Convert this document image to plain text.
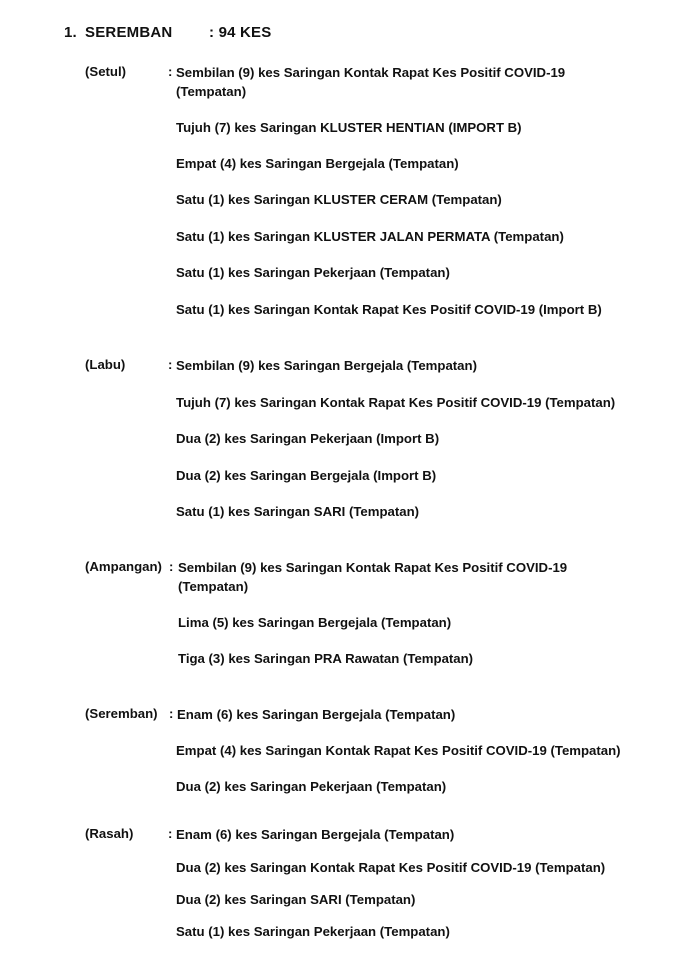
1. SEREMBAN : 94 KES
(Setul)	: Sembilan (9) kes Saringan Kontak Rapat Kes Positif COVID-19 (Tempatan)
Tujuh (7) kes Saringan KLUSTER HENTIAN (IMPORT B)
Empat (4) kes Saringan Bergejala (Tempatan)
Satu (1) kes Saringan KLUSTER CERAM (Tempatan)
Satu (1) kes Saringan KLUSTER JALAN PERMATA (Tempatan)
Satu (1) kes Saringan Pekerjaan (Tempatan)
Satu (1) kes Saringan Kontak Rapat Kes Positif COVID-19 (Import B)
(Labu)	: Sembilan (9) kes Saringan Bergejala (Tempatan)
Tujuh (7) kes Saringan Kontak Rapat Kes Positif COVID-19 (Tempatan)
Dua (2) kes Saringan Pekerjaan (Import B)
Dua (2) kes Saringan Bergejala (Import B)
Satu (1) kes Saringan SARI (Tempatan)
(Ampangan) : Sembilan (9) kes Saringan Kontak Rapat Kes Positif COVID-19 (Tempatan)
Lima (5) kes Saringan Bergejala (Tempatan)
Tiga (3) kes Saringan PRA Rawatan (Tempatan)
(Seremban) : Enam (6) kes Saringan Bergejala (Tempatan)
Empat (4) kes Saringan Kontak Rapat Kes Positif COVID-19 (Tempatan)
Dua (2) kes Saringan Pekerjaan (Tempatan)
(Rasah)	: Enam (6) kes Saringan Bergejala (Tempatan)
Dua (2) kes Saringan Kontak Rapat Kes Positif COVID-19 (Tempatan)
Dua (2) kes Saringan SARI (Tempatan)
Satu (1) kes Saringan Pekerjaan (Tempatan)
